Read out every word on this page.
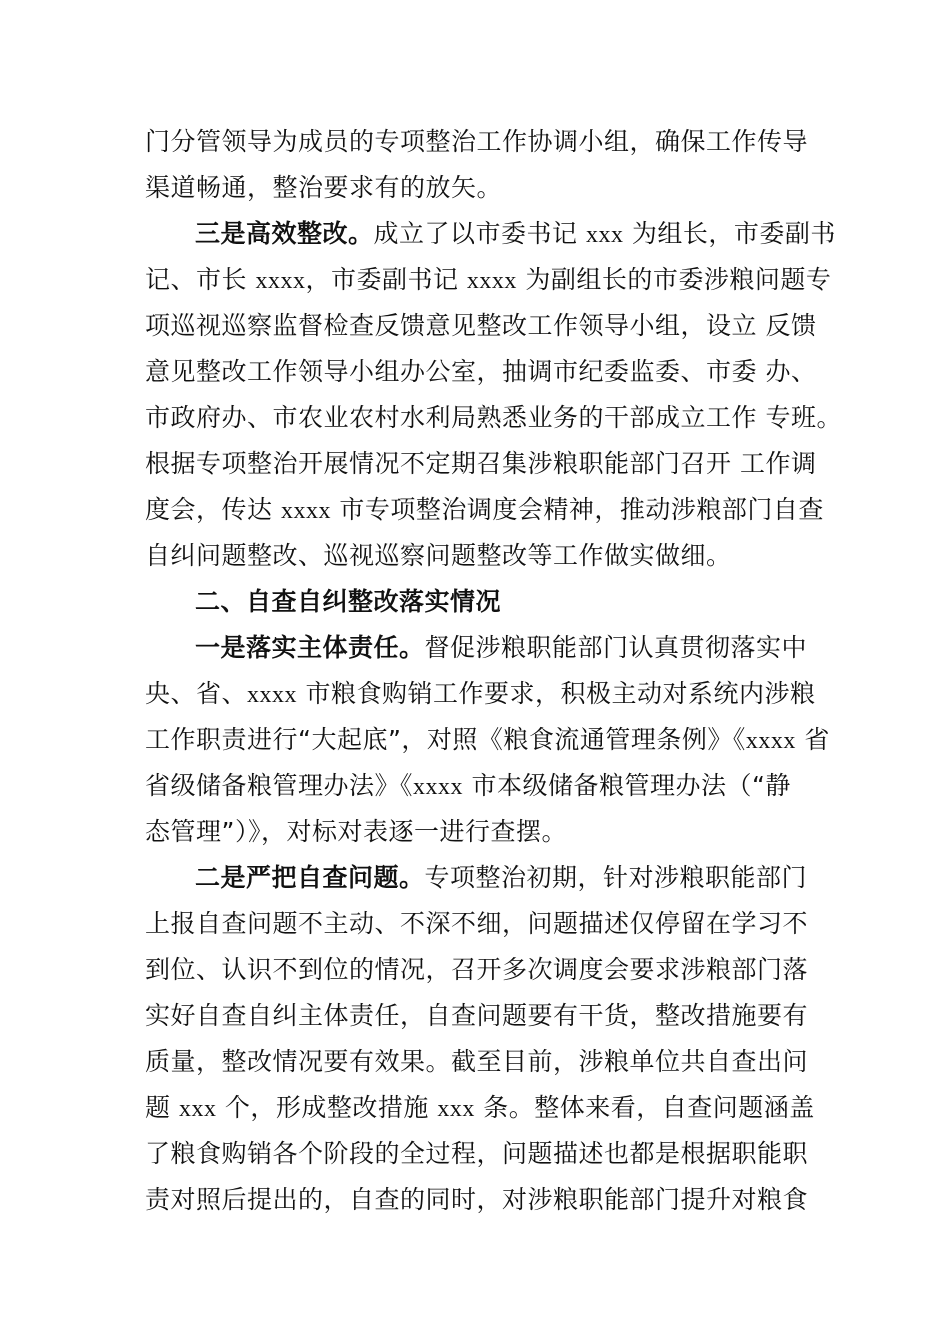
门分管领导为成员的专项整治工作协调小组，确保工作传导
渠道畅通，整治要求有的放矢。
三是高效整改。成立了以市委书记 xxx 为组长，市委副书
记、市长 xxxx，市委副书记 xxxx 为副组长的市委涉粮问题专
项巡视巡察监督检查反馈意见整改工作领导小组，设立 反馈
意见整改工作领导小组办公室，抽调市纪委监委、市委 办、
市政府办、市农业农村水利局熟悉业务的干部成立工作 专班。
根据专项整治开展情况不定期召集涉粮职能部门召开 工作调
度会，传达 xxxx 市专项整治调度会精神，推动涉粮部门自查
自纠问题整改、巡视巡察问题整改等工作做实做细。
二、自查自纠整改落实情况
一是落实主体责任。督促涉粮职能部门认真贯彻落实中
央、省、xxxx 市粮食购销工作要求，积极主动对系统内涉粮
工作职责进行“大起底”，对照《粮食流通管理条例》《xxxx 省
省级储备粮管理办法》《xxxx 市本级储备粮管理办法（“静
态管理”）》，对标对表逐一进行查摆。
二是严把自查问题。专项整治初期，针对涉粮职能部门
上报自查问题不主动、不深不细，问题描述仅停留在学习不
到位、认识不到位的情况，召开多次调度会要求涉粮部门落
实好自查自纠主体责任，自查问题要有干货，整改措施要有
质量，整改情况要有效果。截至目前，涉粮单位共自查出问
题 xxx 个，形成整改措施 xxx 条。整体来看，自查问题涵盖
了粮食购销各个阶段的全过程，问题描述也都是根据职能职
责对照后提出的，自查的同时，对涉粮职能部门提升对粮食
